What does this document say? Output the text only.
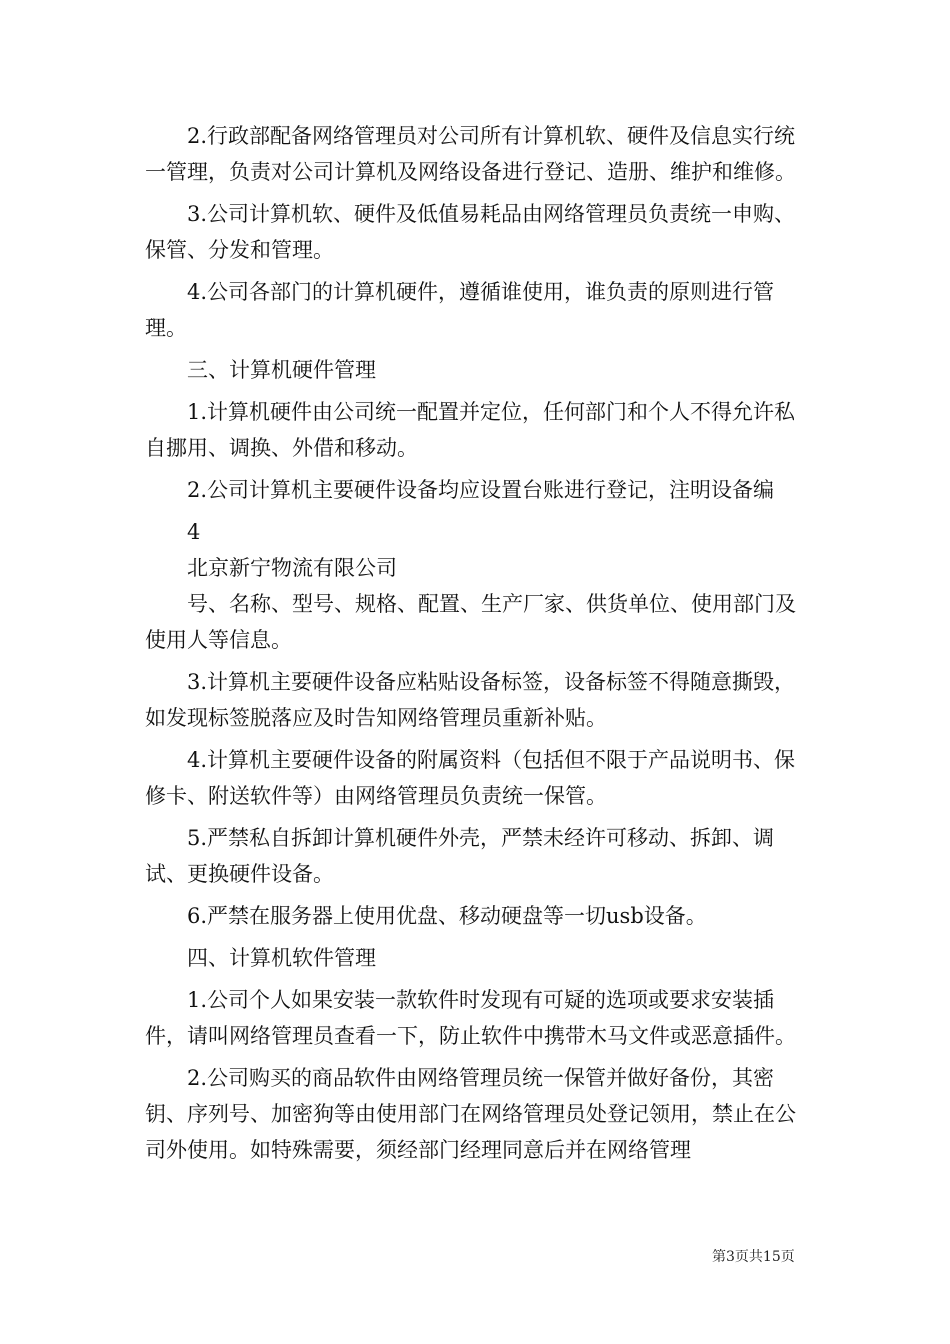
2.行政部配备网络管理员对公司所有计算机软、硬件及信息实行统一管理，负责对公司计算机及网络设备进行登记、造册、维护和维修。

3.公司计算机软、硬件及低值易耗品由网络管理员负责统一申购、保管、分发和管理。

4.公司各部门的计算机硬件，遵循谁使用，谁负责的原则进行管理。

三、计算机硬件管理

1.计算机硬件由公司统一配置并定位，任何部门和个人不得允许私自挪用、调换、外借和移动。

2.公司计算机主要硬件设备均应设置台账进行登记，注明设备编

4

北京新宁物流有限公司

号、名称、型号、规格、配置、生产厂家、供货单位、使用部门及使用人等信息。

3.计算机主要硬件设备应粘贴设备标签，设备标签不得随意撕毁，如发现标签脱落应及时告知网络管理员重新补贴。

4.计算机主要硬件设备的附属资料（包括但不限于产品说明书、保修卡、附送软件等）由网络管理员负责统一保管。

5.严禁私自拆卸计算机硬件外壳，严禁未经许可移动、拆卸、调试、更换硬件设备。

6.严禁在服务器上使用优盘、移动硬盘等一切usb设备。

四、计算机软件管理

1.公司个人如果安装一款软件时发现有可疑的选项或要求安装插件，请叫网络管理员查看一下，防止软件中携带木马文件或恶意插件。

2.公司购买的商品软件由网络管理员统一保管并做好备份，其密钥、序列号、加密狗等由使用部门在网络管理员处登记领用，禁止在公司外使用。如特殊需要，须经部门经理同意后并在网络管理

第3页共15页
